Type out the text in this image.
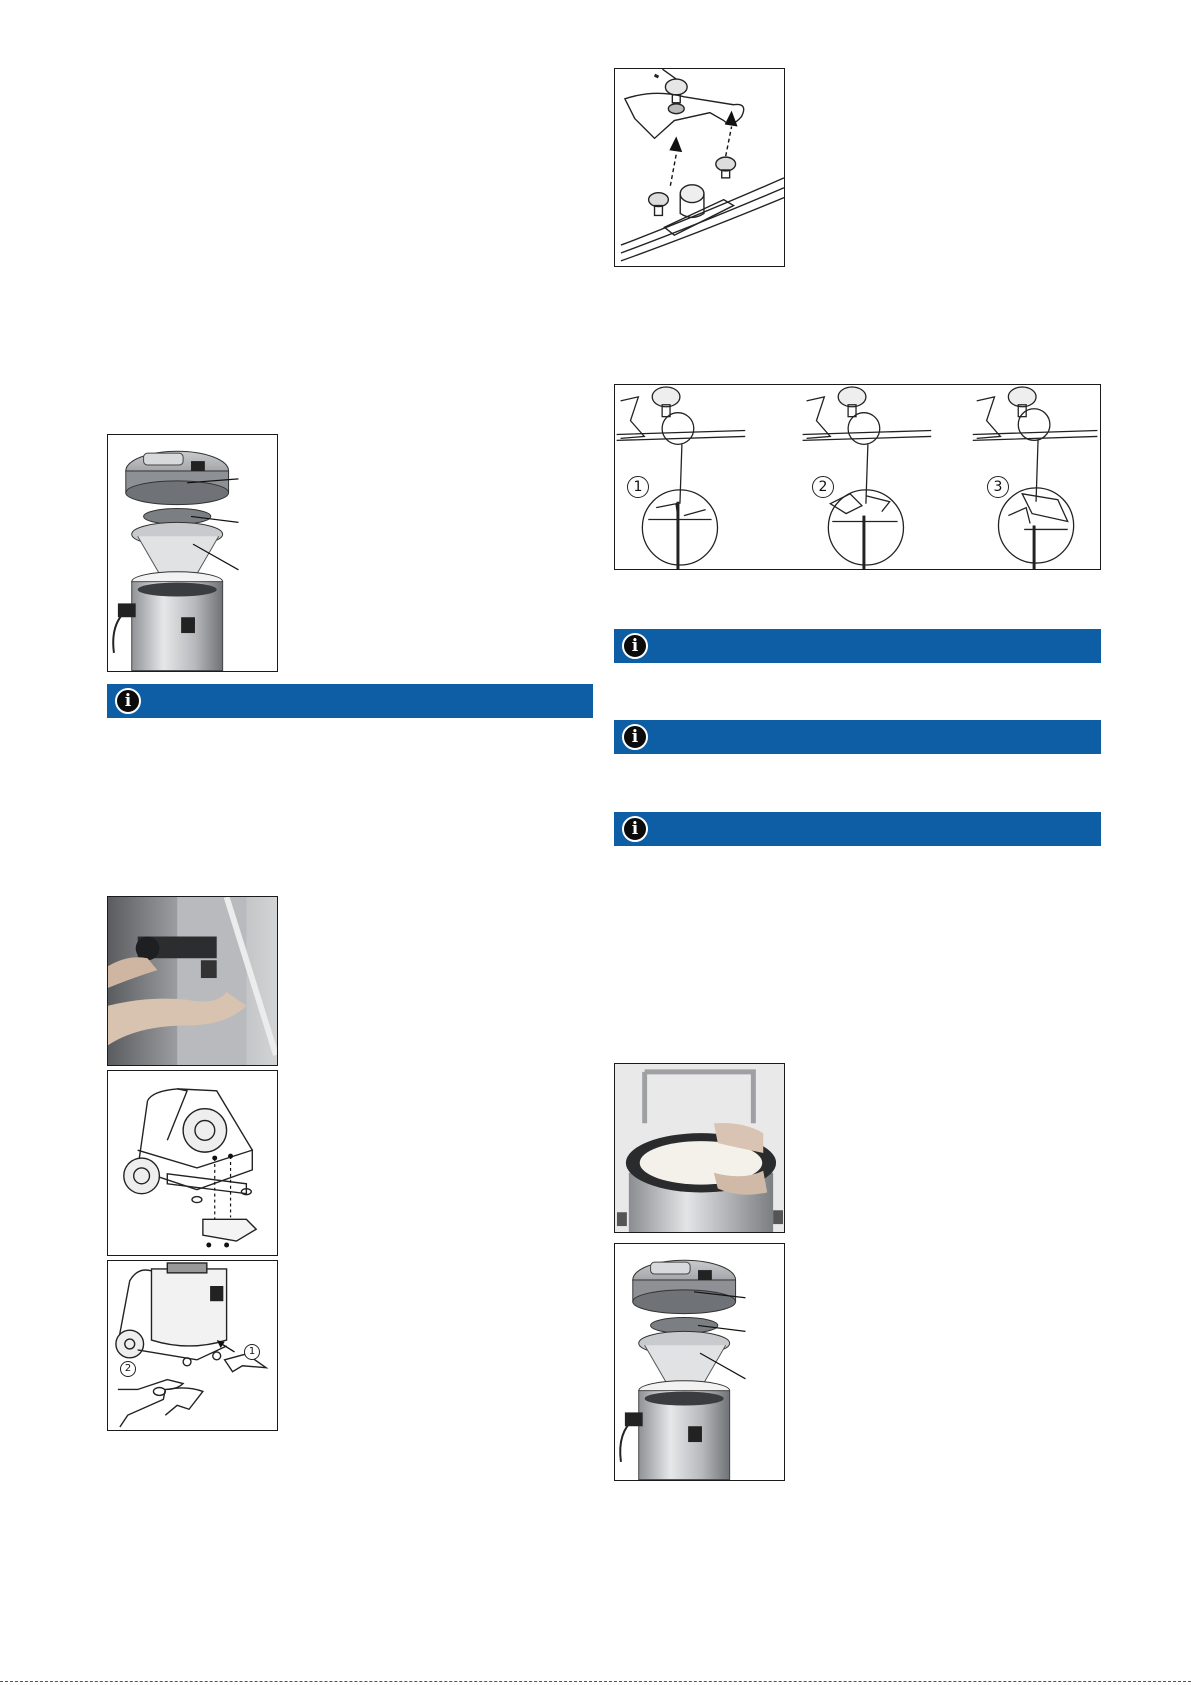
1	2	3
i
i
i
i
1
2
